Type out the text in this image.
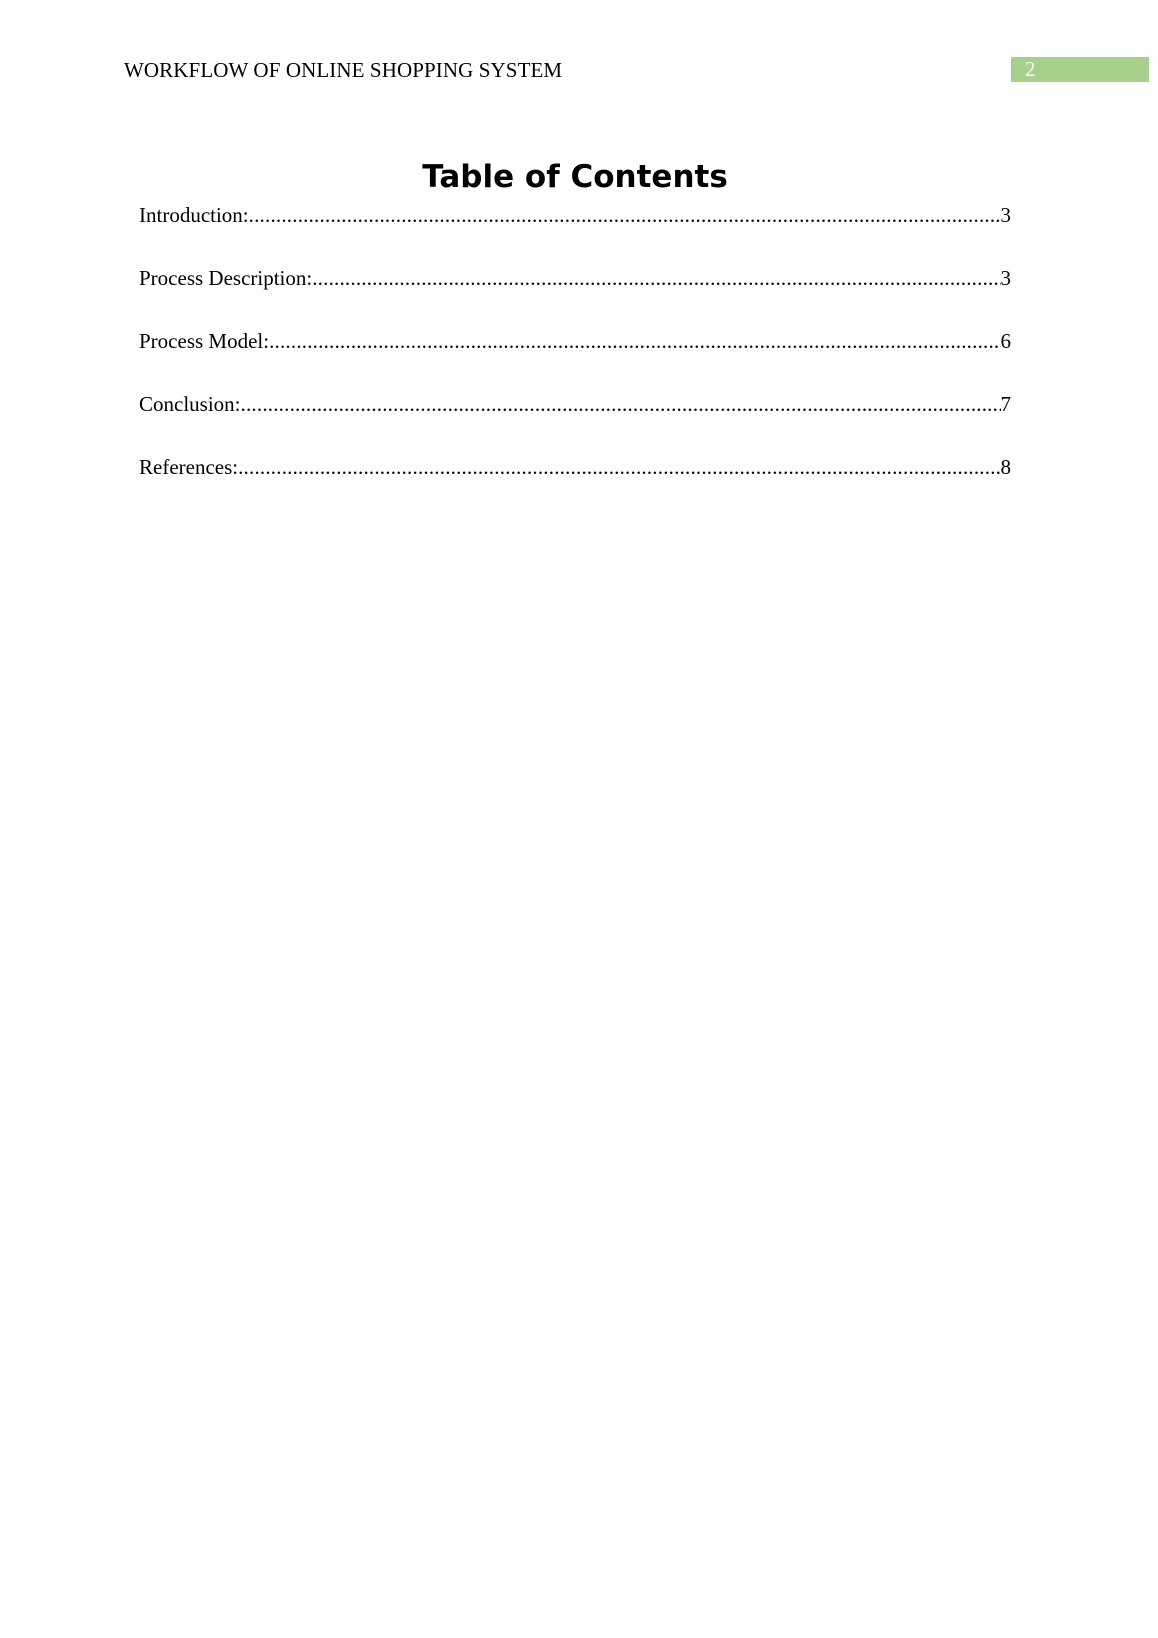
WORKFLOW OF ONLINE SHOPPING SYSTEM	2
Table of Contents
Introduction: .....	3
Process Description: .....	3
Process Model: .....	6
Conclusion: .....	7
References: .....	8
